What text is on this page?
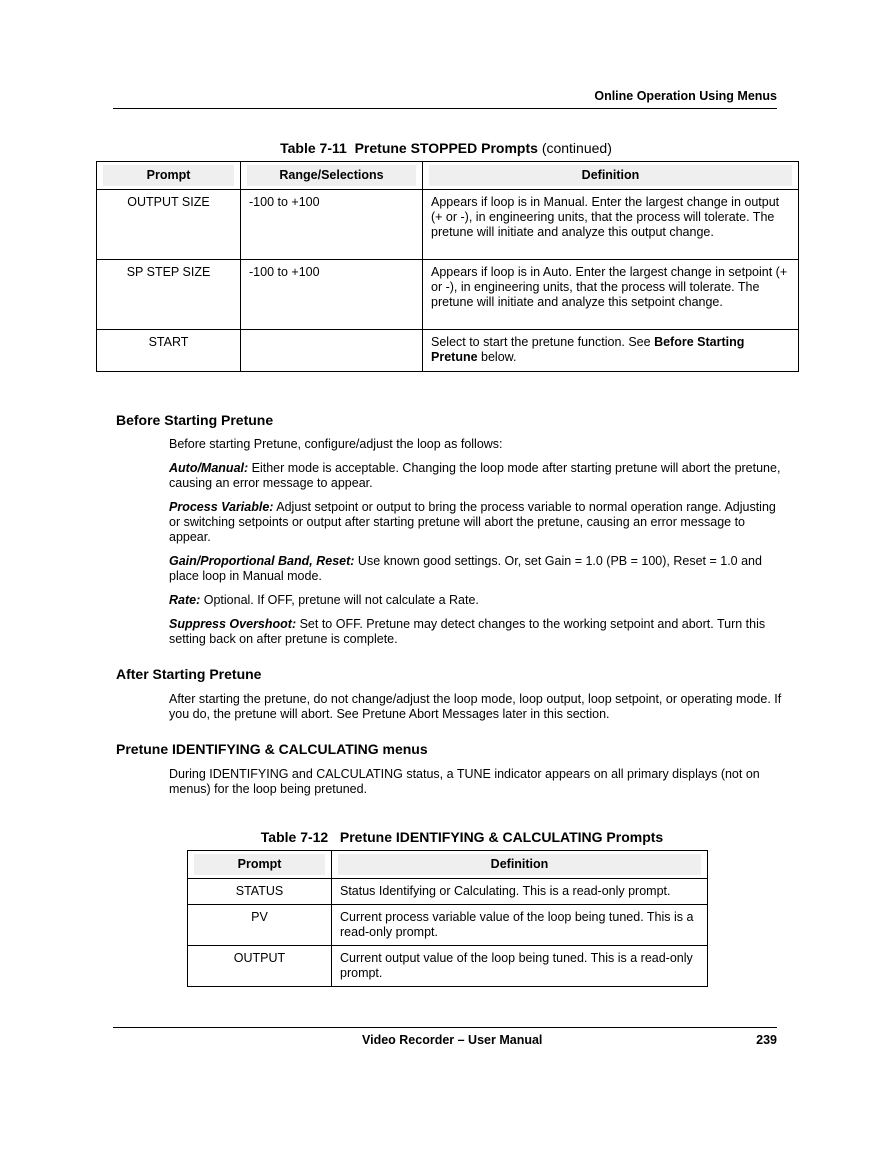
Online Operation Using Menus
Table 7-11 Pretune STOPPED Prompts (continued)
Prompt	Range/Selections	Definition

OUTPUT SIZE	-100 to +100	Appears if loop is in Manual. Enter the largest change in output (+ or -), in engineering units, that the process will tolerate. The pretune will initiate and analyze this output change.
SP STEP SIZE	-100 to +100	Appears if loop is in Auto. Enter the largest change in setpoint (+ or -), in engineering units, that the process will tolerate. The pretune will initiate and analyze this setpoint change.
START		Select to start the pretune function. See Before Starting Pretune below.
Before Starting Pretune
Before starting Pretune, configure/adjust the loop as follows:
Auto/Manual: Either mode is acceptable. Changing the loop mode after starting pretune will abort the pretune, causing an error message to appear.
Process Variable: Adjust setpoint or output to bring the process variable to normal operation range. Adjusting or switching setpoints or output after starting pretune will abort the pretune, causing an error message to appear.
Gain/Proportional Band, Reset: Use known good settings. Or, set Gain = 1.0 (PB = 100), Reset = 1.0 and place loop in Manual mode.
Rate: Optional. If OFF, pretune will not calculate a Rate.
Suppress Overshoot: Set to OFF. Pretune may detect changes to the working setpoint and abort. Turn this setting back on after pretune is complete.
After Starting Pretune
After starting the pretune, do not change/adjust the loop mode, loop output, loop setpoint, or operating mode. If you do, the pretune will abort. See Pretune Abort Messages later in this section.
Pretune IDENTIFYING & CALCULATING menus
During IDENTIFYING and CALCULATING status, a TUNE indicator appears on all primary displays (not on menus) for the loop being pretuned.
Table 7-12 Pretune IDENTIFYING & CALCULATING Prompts
Prompt	Definition

STATUS	Status Identifying or Calculating. This is a read-only prompt.
PV	Current process variable value of the loop being tuned. This is a read-only prompt.
OUTPUT	Current output value of the loop being tuned. This is a read-only prompt.
Video Recorder – User Manual	239
